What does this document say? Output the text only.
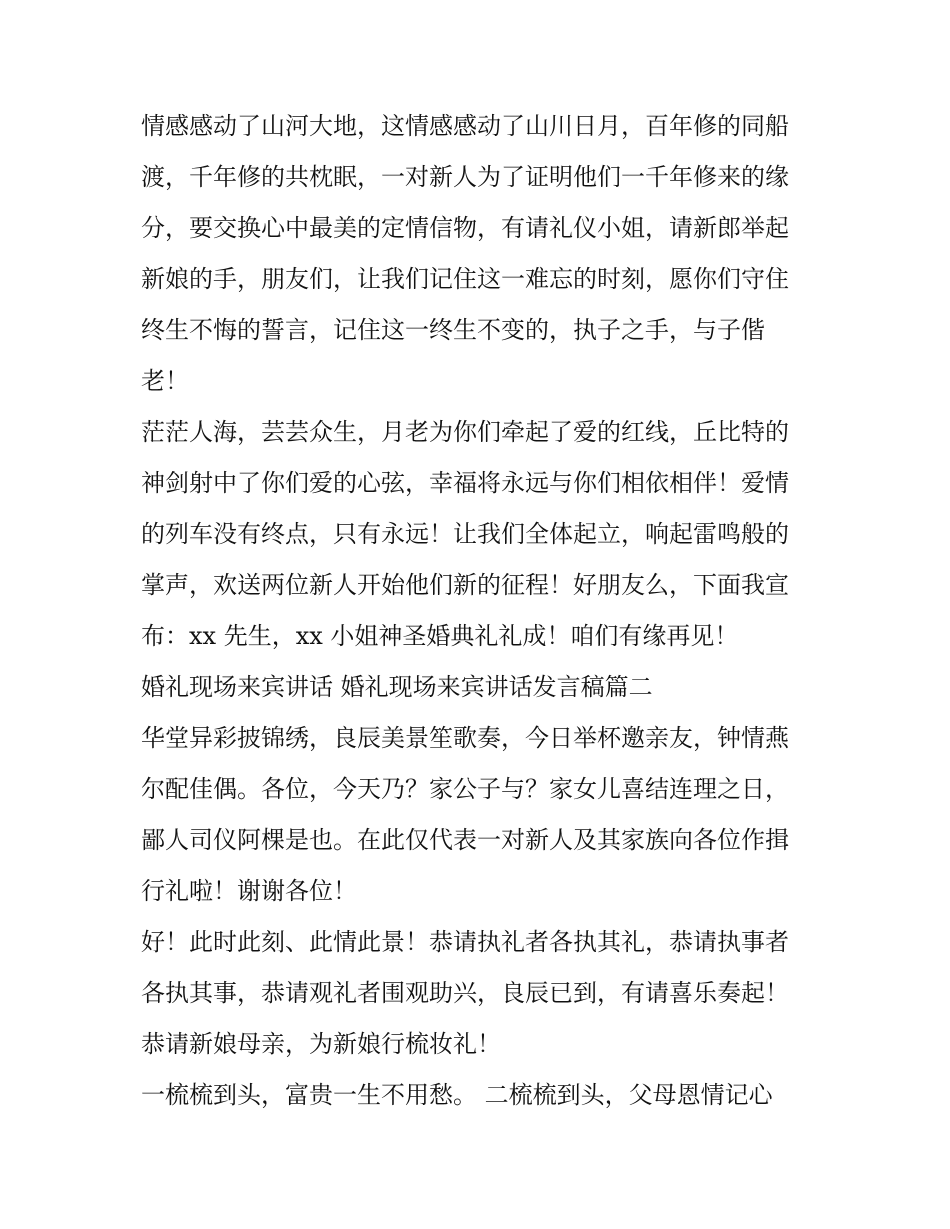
情感感动了山河大地，这情感感动了山川日月，百年修的同船
渡，千年修的共枕眠，一对新人为了证明他们一千年修来的缘
分，要交换心中最美的定情信物，有请礼仪小姐，请新郎举起
新娘的手，朋友们，让我们记住这一难忘的时刻，愿你们守住
终生不悔的誓言，记住这一终生不变的，执子之手，与子偕
老！
茫茫人海，芸芸众生，月老为你们牵起了爱的红线，丘比特的
神剑射中了你们爱的心弦，幸福将永远与你们相依相伴！爱情
的列车没有终点，只有永远！让我们全体起立，响起雷鸣般的
掌声，欢送两位新人开始他们新的征程！好朋友么，下面我宣
布：xx 先生，xx 小姐神圣婚典礼礼成！咱们有缘再见！
婚礼现场来宾讲话 婚礼现场来宾讲话发言稿篇二
华堂异彩披锦绣，良辰美景笙歌奏，今日举杯邀亲友，钟情燕
尔配佳偶。各位，今天乃？家公子与？家女儿喜结连理之日，
鄙人司仪阿棵是也。在此仅代表一对新人及其家族向各位作揖
行礼啦！谢谢各位！
好！此时此刻、此情此景！恭请执礼者各执其礼，恭请执事者
各执其事，恭请观礼者围观助兴，良辰已到，有请喜乐奏起！
恭请新娘母亲，为新娘行梳妆礼！
一梳梳到头，富贵一生不用愁。 二梳梳到头，父母恩情记心
